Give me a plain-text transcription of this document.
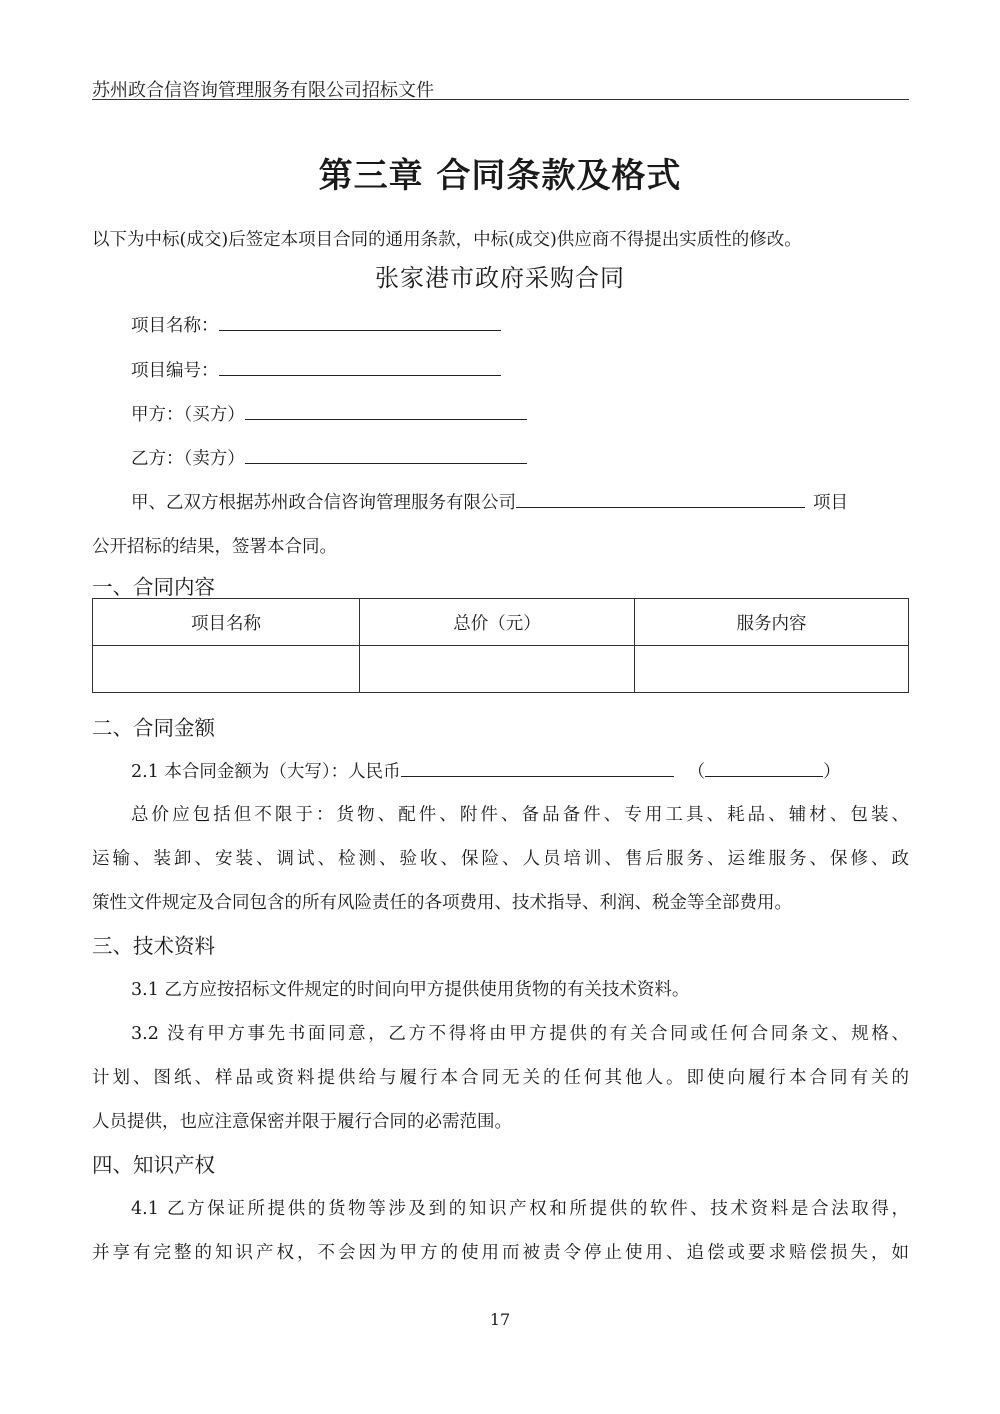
苏州政合信咨询管理服务有限公司招标文件
第三章 合同条款及格式
以下为中标(成交)后签定本项目合同的通用条款，中标(成交)供应商不得提出实质性的修改。
张家港市政府采购合同
项目名称：
项目编号：
甲方：（买方）
乙方：（卖方）
甲、乙双方根据苏州政合信咨询管理服务有限公司	项目
公开招标的结果，签署本合同。
一、合同内容
项目名称	总价（元）	服务内容

二、合同金额
2.1 本合同金额为（大写）：人民币	（	）
总价应包括但不限于：货物、配件、附件、备品备件、专用工具、耗品、辅材、包装、
运输、装卸、安装、调试、检测、验收、保险、人员培训、售后服务、运维服务、保修、政
策性文件规定及合同包含的所有风险责任的各项费用、技术指导、利润、税金等全部费用。
三、技术资料
3.1 乙方应按招标文件规定的时间向甲方提供使用货物的有关技术资料。
3.2 没有甲方事先书面同意，乙方不得将由甲方提供的有关合同或任何合同条文、规格、
计划、图纸、样品或资料提供给与履行本合同无关的任何其他人。即使向履行本合同有关的
人员提供，也应注意保密并限于履行合同的必需范围。
四、知识产权
4.1 乙方保证所提供的货物等涉及到的知识产权和所提供的软件、技术资料是合法取得，
并享有完整的知识产权，不会因为甲方的使用而被责令停止使用、追偿或要求赔偿损失，如
17
